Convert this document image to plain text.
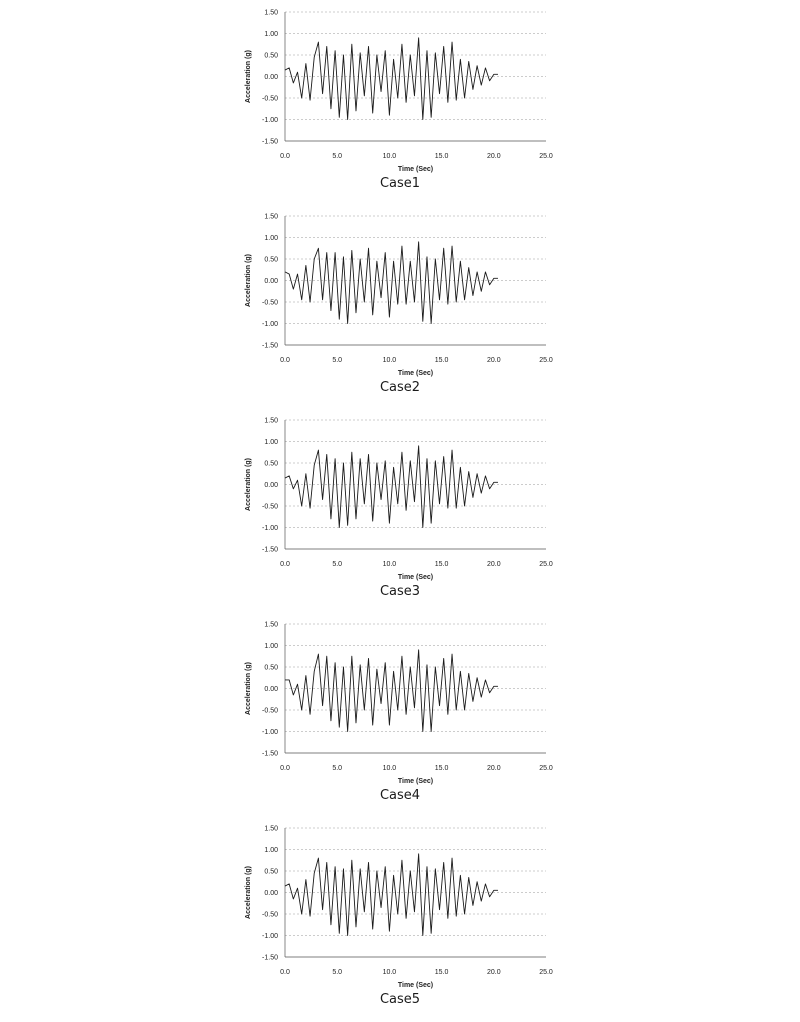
1.50
1.00
0.50
0.00
-0.50
-1.00
-1.50
0.0	5.0	10.0	15.0	20.0	25.0
Time (Sec)
Acceleration (g)
Case1
1.50
1.00
0.50
0.00
-0.50
-1.00
-1.50
0.0	5.0	10.0	15.0	20.0	25.0
Time (Sec)
Acceleration (g)
Case2
1.50
1.00
0.50
0.00
-0.50
-1.00
-1.50
0.0	5.0	10.0	15.0	20.0	25.0
Time (Sec)
Acceleration (g)
Case3
1.50
1.00
0.50
0.00
-0.50
-1.00
-1.50
0.0	5.0	10.0	15.0	20.0	25.0
Time (Sec)
Acceleration (g)
Case4
1.50
1.00
0.50
0.00
-0.50
-1.00
-1.50
0.0	5.0	10.0	15.0	20.0	25.0
Time (Sec)
Acceleration (g)
Case5
